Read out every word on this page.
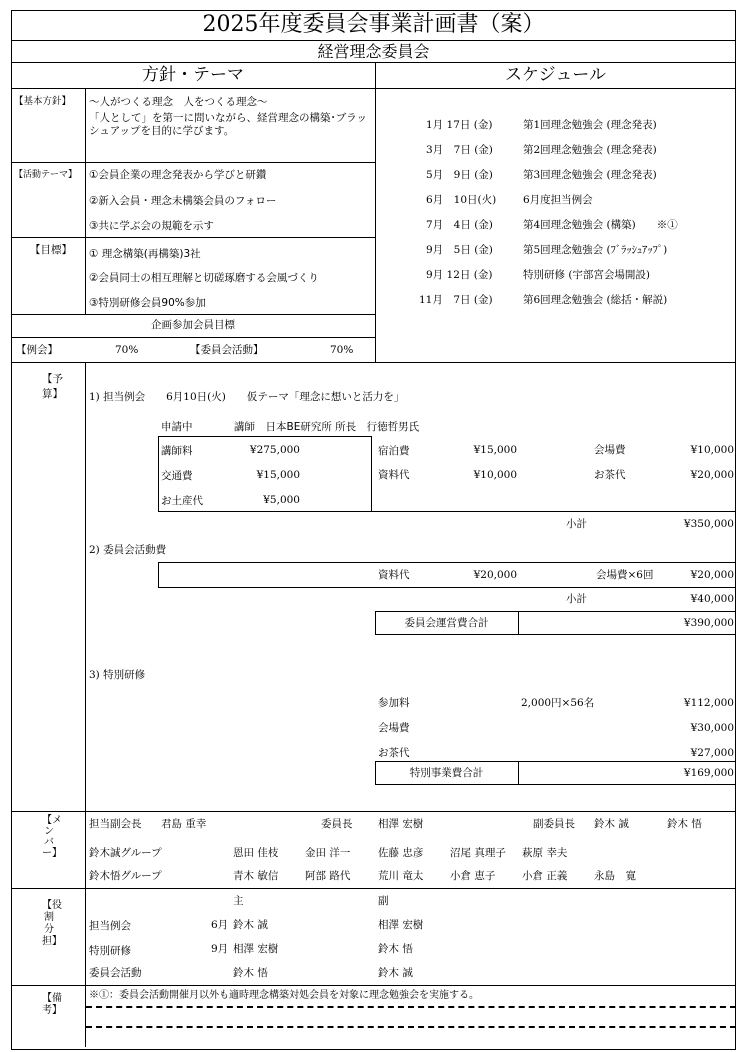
2025年度委員会事業計画書（案）
経営理念委員会
方針・テーマ	スケジュール
【基本方針】 ～人がつくる理念　人をつくる理念～
「人として」を第一に問いながら、経営理念の構築･ブラッ
シュアップを目的に学びます。
【活動テーマ】 ①会員企業の理念発表から学びと研鑽
②新入会員・理念未構築会員のフォロー
③共に学ぶ会の規範を示す
【目標】 ① 理念構築(再構築)3社
②会員同士の相互理解と切磋琢磨する会風づくり
③特別研修会員90%参加
企画参加会員目標
【例会】	70%	【委員会活動】	70%
1月 17日 (金)	第1回理念勉強会 (理念発表)
3月　7日 (金)	第2回理念勉強会 (理念発表)
5月　9日 (金)	第3回理念勉強会 (理念発表)
6月　10日(火)	6月度担当例会
7月　4日 (金)	第4回理念勉強会 (構築)　　※①
9月　5日 (金)	第5回理念勉強会 (ﾌﾞﾗｯｼｭｱｯﾌﾟ)
9月 12日 (金)	特別研修 (宇部宮会場開設)
11月　7日 (金)	第6回理念勉強会 (総括・解説)
【予算】 1) 担当例会　　6月10日(火)　　仮テーマ「理念に想いと活力を」
申請中	講師　日本BE研究所 所長　行徳哲男氏
講師料	¥275,000	宿泊費	¥15,000	会場費	¥10,000
交通費	¥15,000	資料代	¥10,000	お茶代	¥20,000
お土産代	¥5,000
小計	¥350,000
2) 委員会活動費
資料代	¥20,000	会場費×6回	¥20,000
小計	¥40,000
委員会運営費合計	¥390,000
3) 特別研修
参加料	2,000円×56名	¥112,000
会場費	¥30,000
お茶代	¥27,000
特別事業費合計	¥169,000
【メンバー】
担当副会長 君島 重幸	委員長 相澤 宏樹	副委員長 鈴木 誠	鈴木 悟
鈴木誠グループ	恩田 佳枝	金田 洋一	佐藤 忠彦	沼尾 真理子 萩原 幸夫
鈴木悟グループ	青木 敏信	阿部 路代	荒川 竜太	小倉 恵子	小倉 正義	永島　寛
【役割分担】
主	副
担当例会	6月 鈴木 誠	相澤 宏樹
特別研修	9月 相澤 宏樹	鈴木 悟
委員会活動	鈴木 悟	鈴木 誠
【備考】
※①：委員会活動開催月以外も適時理念構築対処会員を対象に理念勉強会を実施する。
